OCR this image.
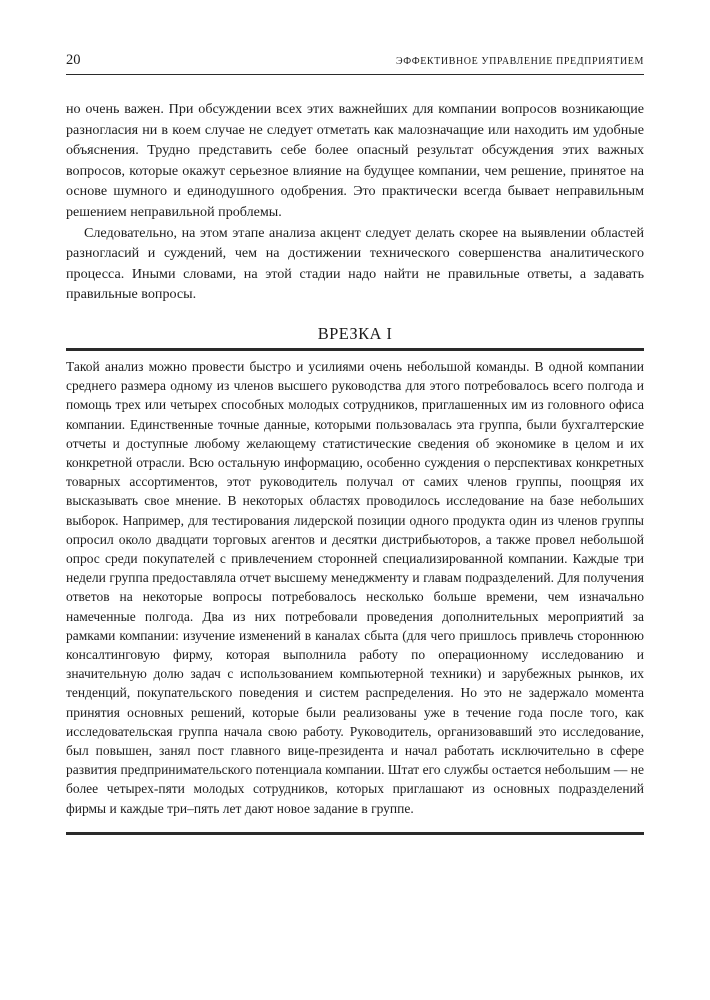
20	ЭФФЕКТИВНОЕ УПРАВЛЕНИЕ ПРЕДПРИЯТИЕМ

но очень важен. При обсуждении всех этих важнейших для компании вопросов возникающие разногласия ни в коем случае не следует отметать как малозначащие или находить им удобные объяснения. Трудно представить себе более опасный результат обсуждения этих важных вопросов, которые окажут серьезное влияние на будущее компании, чем решение, принятое на основе шумного и единодушного одобрения. Это практически всегда бывает неправильным решением неправильной проблемы.

Следовательно, на этом этапе анализа акцент следует делать скорее на выявлении областей разногласий и суждений, чем на достижении технического совершенства аналитического процесса. Иными словами, на этой стадии надо найти не правильные ответы, а задавать правильные вопросы.

ВРЕЗКА I

Такой анализ можно провести быстро и усилиями очень небольшой команды. В одной компании среднего размера одному из членов высшего руководства для этого потребовалось всего полгода и помощь трех или четырех способных молодых сотрудников, приглашенных им из головного офиса компании. Единственные точные данные, которыми пользовалась эта группа, были бухгалтерские отчеты и доступные любому желающему статистические сведения об экономике в целом и их конкретной отрасли. Всю остальную информацию, особенно суждения о перспективах конкретных товарных ассортиментов, этот руководитель получал от самих членов группы, поощряя их высказывать свое мнение. В некоторых областях проводилось исследование на базе небольших выборок. Например, для тестирования лидерской позиции одного продукта один из членов группы опросил около двадцати торговых агентов и десятки дистрибьюторов, а также провел небольшой опрос среди покупателей с привлечением сторонней специализированной компании. Каждые три недели группа предоставляла отчет высшему менеджменту и главам подразделений. Для получения ответов на некоторые вопросы потребовалось несколько больше времени, чем изначально намеченные полгода. Два из них потребовали проведения дополнительных мероприятий за рамками компании: изучение изменений в каналах сбыта (для чего пришлось привлечь стороннюю консалтинговую фирму, которая выполнила работу по операционному исследованию и значительную долю задач с использованием компьютерной техники) и зарубежных рынков, их тенденций, покупательского поведения и систем распределения. Но это не задержало момента принятия основных решений, которые были реализованы уже в течение года после того, как исследовательская группа начала свою работу. Руководитель, организовавший это исследование, был повышен, занял пост главного вице-президента и начал работать исключительно в сфере развития предпринимательского потенциала компании. Штат его службы остается небольшим — не более четырех-пяти молодых сотрудников, которых приглашают из основных подразделений фирмы и каждые три–пять лет дают новое задание в группе.
